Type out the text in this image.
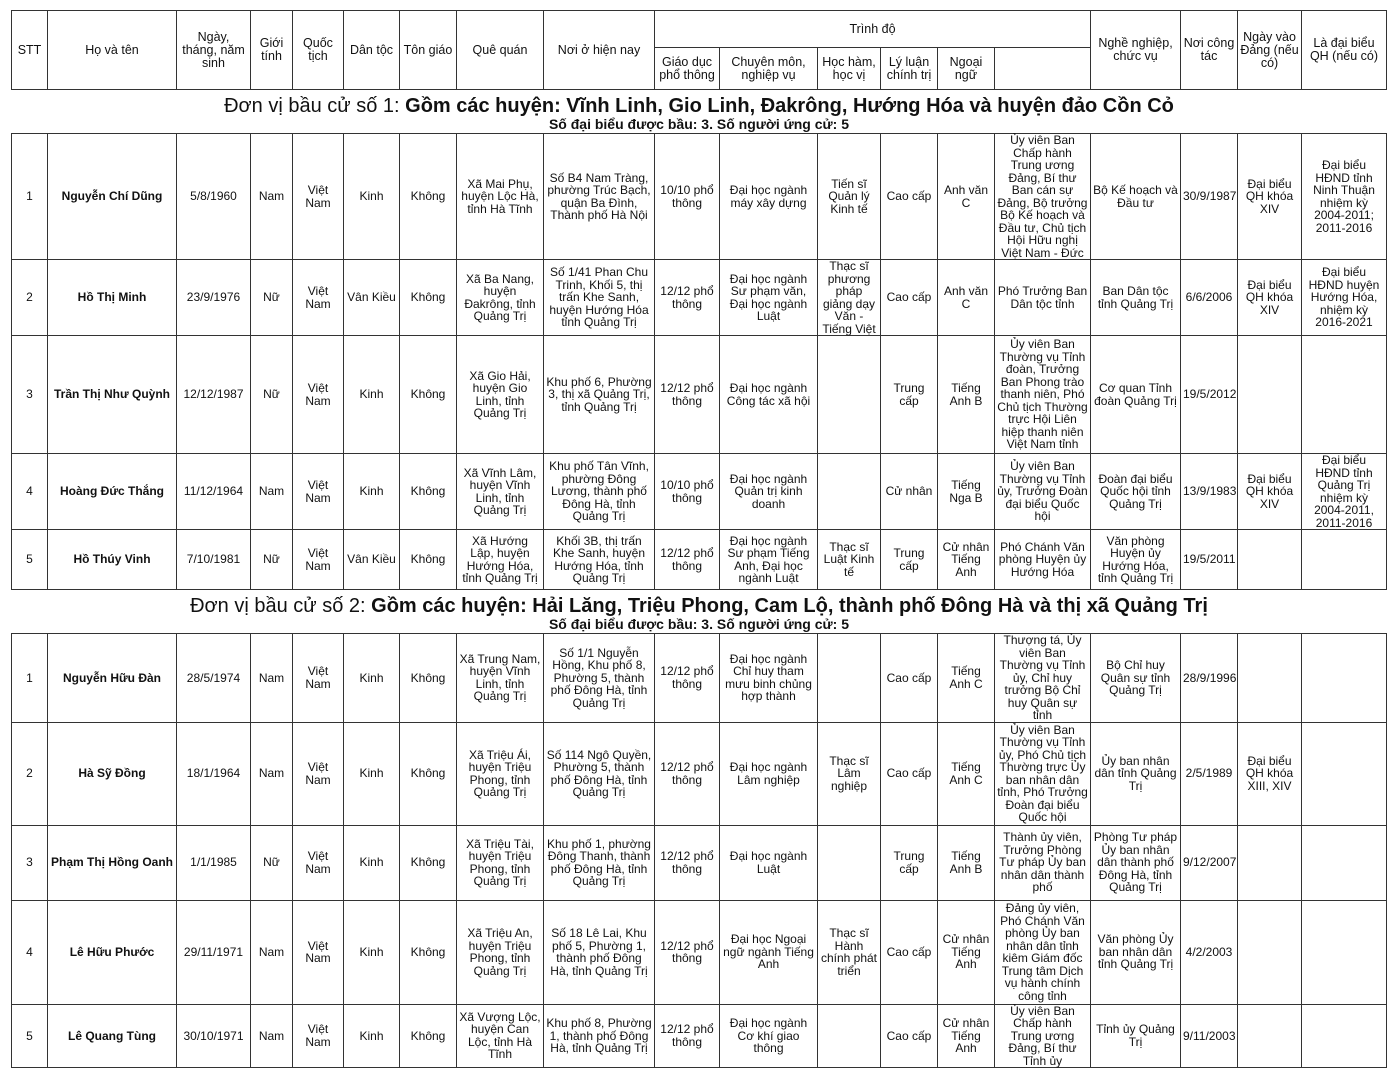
STT	Họ và tên	Ngày, tháng, năm sinh	Giới tính	Quốc tịch	Dân tộc	Tôn giáo	Quê quán	Nơi ở hiện nay	Trình độ						Nghề nghiệp, chức vụ	Nơi công tác	Ngày vào Đảng (nếu có)	Là đại biểu QH (nếu có)	
									Giáo dục phổ thông	Chuyên môn, nghiệp vụ	Học hàm, học vị	Lý luận chính trị	Ngoại ngữ						

Đơn vị bầu cử số 1: Gồm các huyện: Vĩnh Linh, Gio Linh, Đakrông, Hướng Hóa và huyện đảo Cồn Cỏ
Số đại biểu được bầu: 3. Số người ứng cử: 5																			

1	Nguyễn Chí Dũng	5/8/1960	Nam	Việt Nam	Kinh	Không	Xã Mai Phụ, huyện Lộc Hà, tỉnh Hà Tĩnh	Số B4 Nam Tràng, phường Trúc Bạch, quận Ba Đình, Thành phố Hà Nội	10/10 phổ thông	Đại học ngành máy xây dựng	Tiến sĩ Quản lý Kinh tế	Cao cấp	Anh văn C	Ủy viên Ban Chấp hành Trung ương Đảng, Bí thư Ban cán sự Đảng, Bộ trưởng Bộ Kế hoạch và Đầu tư, Chủ tịch Hội Hữu nghị Việt Nam - Đức	Bộ Kế hoạch và Đầu tư	30/9/1987	Đại biểu QH khóa XIV	Đại biểu HĐND tỉnh Ninh Thuận nhiệm kỳ 2004-2011; 2011-2016	
2	Hồ Thị Minh	23/9/1976	Nữ	Việt Nam	Vân Kiều	Không	Xã Ba Nang, huyện Đakrông, tỉnh Quảng Trị	Số 1/41 Phan Chu Trinh, Khối 5, thị trấn Khe Sanh, huyện Hướng Hóa tỉnh Quảng Trị	12/12 phổ thông	Đại học ngành Sư phạm văn, Đại học ngành Luật	Thạc sĩ phương pháp giảng dạy Văn - Tiếng Việt	Cao cấp	Anh văn C	Phó Trưởng Ban Dân tộc tỉnh	Ban Dân tộc tỉnh Quảng Trị	6/6/2006	Đại biểu QH khóa XIV	Đại biểu HĐND huyện Hướng Hóa, nhiệm kỳ 2016-2021	
3	Trần Thị Như Quỳnh	12/12/1987	Nữ	Việt Nam	Kinh	Không	Xã Gio Hải, huyện Gio Linh, tỉnh Quảng Trị	Khu phố 6, Phường 3, thị xã Quảng Trị, tỉnh Quảng Trị	12/12 phổ thông	Đại học ngành Công tác xã hội		Trung cấp	Tiếng Anh B	Ủy viên Ban Thường vụ Tỉnh đoàn, Trưởng Ban Phong trào thanh niên, Phó Chủ tịch Thường trực Hội Liên hiệp thanh niên Việt Nam tỉnh	Cơ quan Tỉnh đoàn Quảng Trị	19/5/2012			
4	Hoàng Đức Thắng	11/12/1964	Nam	Việt Nam	Kinh	Không	Xã Vĩnh Lâm, huyện Vĩnh Linh, tỉnh Quảng Trị	Khu phố Tân Vĩnh, phường Đông Lương, thành phố Đông Hà, tỉnh Quảng Trị	10/10 phổ thông	Đại học ngành Quản trị kinh doanh		Cử nhân	Tiếng Nga B	Ủy viên Ban Thường vụ Tỉnh ủy, Trưởng Đoàn đại biểu Quốc hội	Đoàn đại biểu Quốc hội tỉnh Quảng Trị	13/9/1983	Đại biểu QH khóa XIV	Đại biểu HĐND tỉnh Quảng Trị nhiệm kỳ 2004-2011, 2011-2016	
5	Hồ Thúy Vinh	7/10/1981	Nữ	Việt Nam	Vân Kiều	Không	Xã Hướng Lập, huyện Hướng Hóa, tỉnh Quảng Trị	Khối 3B, thị trấn Khe Sanh, huyện Hướng Hóa, tỉnh Quảng Trị	12/12 phổ thông	Đại học ngành Sư phạm Tiếng Anh, Đại học ngành Luật	Thạc sĩ Luật Kinh tế	Trung cấp	Cử nhân Tiếng Anh	Phó Chánh Văn phòng Huyện ủy Hướng Hóa	Văn phòng Huyện ủy Hướng Hóa, tỉnh Quảng Trị	19/5/2011			

Đơn vị bầu cử số 2: Gồm các huyện: Hải Lăng, Triệu Phong, Cam Lộ, thành phố Đông Hà và thị xã Quảng Trị
Số đại biểu được bầu: 3. Số người ứng cử: 5																			

1	Nguyễn Hữu Đàn	28/5/1974	Nam	Việt Nam	Kinh	Không	Xã Trung Nam, huyện Vĩnh Linh, tỉnh Quảng Trị	Số 1/1 Nguyễn Hồng, Khu phố 8, Phường 5, thành phố Đông Hà, tỉnh Quảng Trị	12/12 phổ thông	Đại học ngành Chỉ huy tham mưu binh chủng hợp thành		Cao cấp	Tiếng Anh C	Thượng tá, Ủy viên Ban Thường vụ Tỉnh ủy, Chỉ huy trưởng Bộ Chỉ huy Quân sự tỉnh	Bộ Chỉ huy Quân sự tỉnh Quảng Trị	28/9/1996			
2	Hà Sỹ Đồng	18/1/1964	Nam	Việt Nam	Kinh	Không	Xã Triệu Ái, huyện Triệu Phong, tỉnh Quảng Trị	Số 114 Ngô Quyền, Phường 5, thành phố Đông Hà, tỉnh Quảng Trị	12/12 phổ thông	Đại học ngành Lâm nghiệp	Thạc sĩ Lâm nghiệp	Cao cấp	Tiếng Anh C	Ủy viên Ban Thường vụ Tỉnh ủy, Phó Chủ tịch Thường trực Ủy ban nhân dân tỉnh, Phó Trưởng Đoàn đại biểu Quốc hội	Ủy ban nhân dân tỉnh Quảng Trị	2/5/1989	Đại biểu QH khóa XIII, XIV		
3	Phạm Thị Hồng Oanh	1/1/1985	Nữ	Việt Nam	Kinh	Không	Xã Triệu Tài, huyện Triệu Phong, tỉnh Quảng Trị	Khu phố 1, phường Đông Thanh, thành phố Đông Hà, tỉnh Quảng Trị	12/12 phổ thông	Đại học ngành Luật		Trung cấp	Tiếng Anh B	Thành ủy viên, Trưởng Phòng Tư pháp Ủy ban nhân dân thành phố	Phòng Tư pháp Ủy ban nhân dân thành phố Đông Hà, tỉnh Quảng Trị	9/12/2007			
4	Lê Hữu Phước	29/11/1971	Nam	Việt Nam	Kinh	Không	Xã Triệu An, huyện Triệu Phong, tỉnh Quảng Trị	Số 18 Lê Lai, Khu phố 5, Phường 1, thành phố Đông Hà, tỉnh Quảng Trị	12/12 phổ thông	Đại học Ngoại ngữ ngành Tiếng Anh	Thạc sĩ Hành chính phát triển	Cao cấp	Cử nhân Tiếng Anh	Đảng ủy viên, Phó Chánh Văn phòng Ủy ban nhân dân tỉnh kiêm Giám đốc Trung tâm Dịch vụ hành chính công tỉnh	Văn phòng Ủy ban nhân dân tỉnh Quảng Trị	4/2/2003			
5	Lê Quang Tùng	30/10/1971	Nam	Việt Nam	Kinh	Không	Xã Vượng Lộc, huyện Can Lộc, tỉnh Hà Tĩnh	Khu phố 8, Phường 1, thành phố Đông Hà, tỉnh Quảng Trị	12/12 phổ thông	Đại học ngành Cơ khí giao thông		Cao cấp	Cử nhân Tiếng Anh	Ủy viên Ban Chấp hành Trung ương Đảng, Bí thư Tỉnh ủy	Tỉnh ủy Quảng Trị	9/11/2003			
